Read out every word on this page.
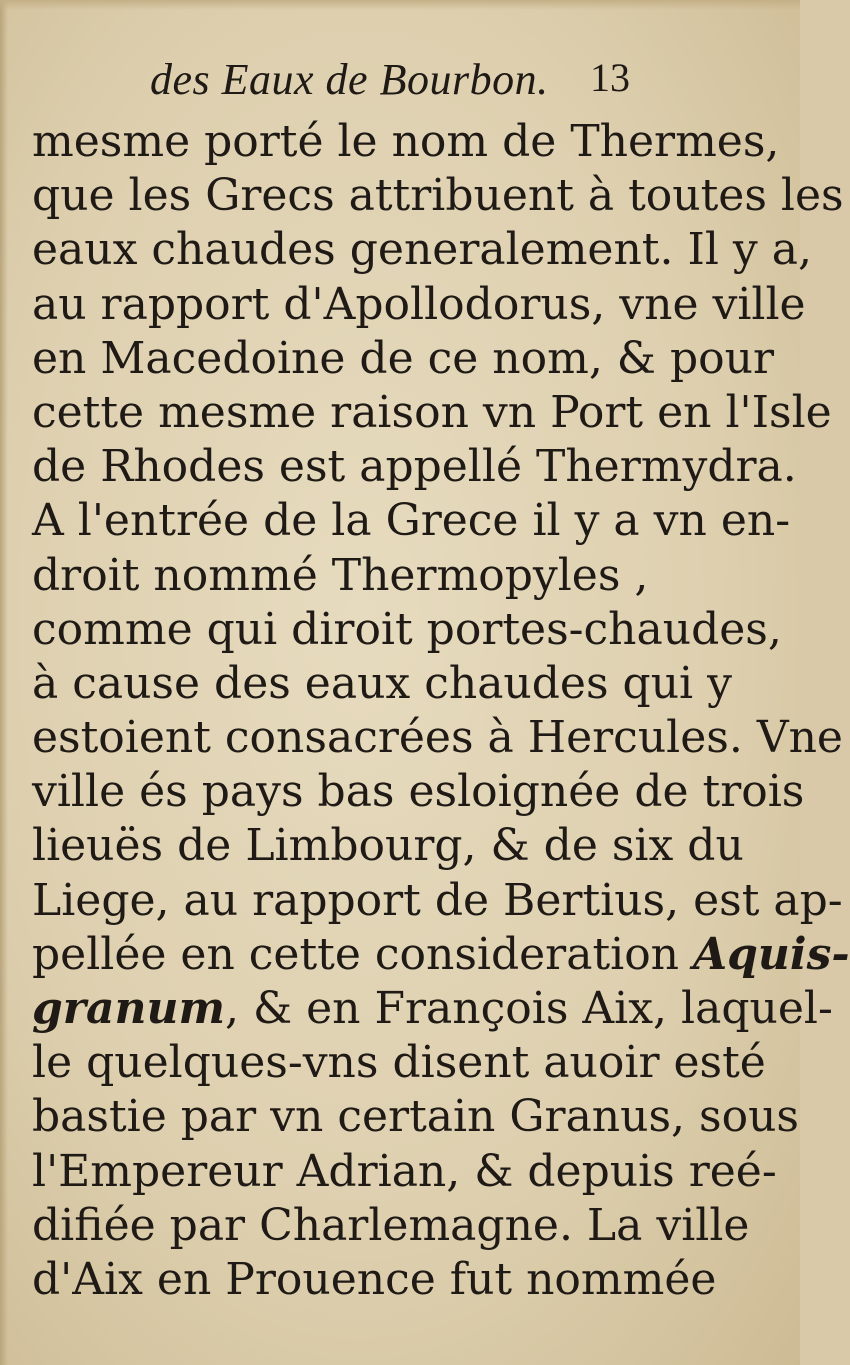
des Eaux de Bourbon. 13
mesme porté le nom de Thermes,
que les Grecs attribuent à toutes les
eaux chaudes generalement. Il y a,
au rapport d'Apollodorus, vne ville
en Macedoine de ce nom, & pour
cette mesme raison vn Port en l'Isle
de Rhodes est appellé Thermydra.
A l'entrée de la Grece il y a vn en-
droit nommé Thermopyles ,
comme qui diroit portes-chaudes,
à cause des eaux chaudes qui y
estoient consacrées à Hercules. Vne
ville és pays bas esloignée de trois
lieuës de Limbourg, & de six du
Liege, au rapport de Bertius, est ap-
pellée en cette consideration Aquis-
granum, & en François Aix, laquel-
le quelques-vns disent auoir esté
bastie par vn certain Granus, sous
l'Empereur Adrian, & depuis reé-
difiée par Charlemagne. La ville
d'Aix en Prouence fut nommée
